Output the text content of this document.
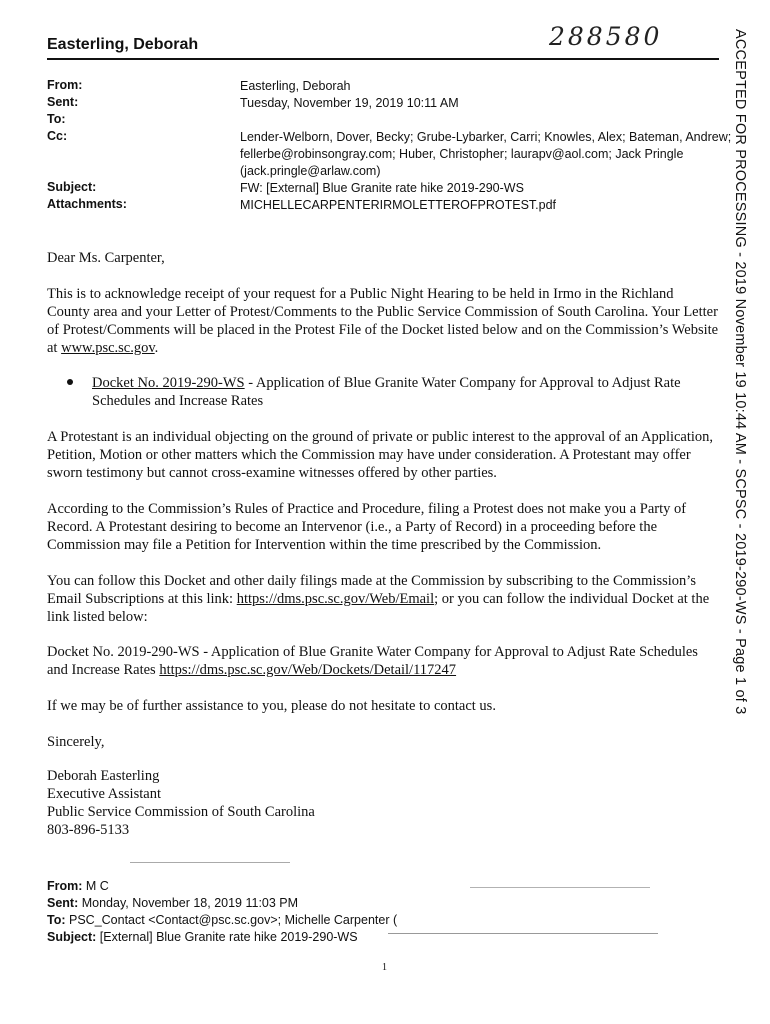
Easterling, Deborah	288580
From:	Easterling, Deborah
Sent:	Tuesday, November 19, 2019 10:11 AM
To:
Cc:	Lender-Welborn, Dover, Becky; Grube-Lybarker, Carri; Knowles, Alex; Bateman, Andrew;
fellerbe@robinsongray.com; Huber, Christopher; laurapv@aol.com; Jack Pringle
(jack.pringle@arlaw.com)
Subject:	FW: [External] Blue Granite rate hike 2019-290-WS
Attachments:	MICHELLECARPENTERIRMOLETTEROFPROTEST.pdf
Dear Ms. Carpenter,
This is to acknowledge receipt of your request for a Public Night Hearing to be held in Irmo in the Richland County area and your Letter of Protest/Comments to the Public Service Commission of South Carolina. Your Letter of Protest/Comments will be placed in the Protest File of the Docket listed below and on the Commission’s Website at www.psc.sc.gov.
Docket No. 2019-290-WS - Application of Blue Granite Water Company for Approval to Adjust Rate Schedules and Increase Rates
A Protestant is an individual objecting on the ground of private or public interest to the approval of an Application, Petition, Motion or other matters which the Commission may have under consideration. A Protestant may offer sworn testimony but cannot cross-examine witnesses offered by other parties.
According to the Commission’s Rules of Practice and Procedure, filing a Protest does not make you a Party of Record. A Protestant desiring to become an Intervenor (i.e., a Party of Record) in a proceeding before the Commission may file a Petition for Intervention within the time prescribed by the Commission.
You can follow this Docket and other daily filings made at the Commission by subscribing to the Commission’s Email Subscriptions at this link: https://dms.psc.sc.gov/Web/Email; or you can follow the individual Docket at the link listed below:
Docket No. 2019-290-WS - Application of Blue Granite Water Company for Approval to Adjust Rate Schedules and Increase Rates https://dms.psc.sc.gov/Web/Dockets/Detail/117247
If we may be of further assistance to you, please do not hesitate to contact us.
Sincerely,
Deborah Easterling
Executive Assistant
Public Service Commission of South Carolina
803-896-5133
From: M C
Sent: Monday, November 18, 2019 11:03 PM
To: PSC_Contact <Contact@psc.sc.gov>; Michelle Carpenter (
Subject: [External] Blue Granite rate hike 2019-290-WS
1
ACCEPTED FOR PROCESSING - 2019 November 19 10:44 AM - SCPSC - 2019-290-WS - Page 1 of 3
